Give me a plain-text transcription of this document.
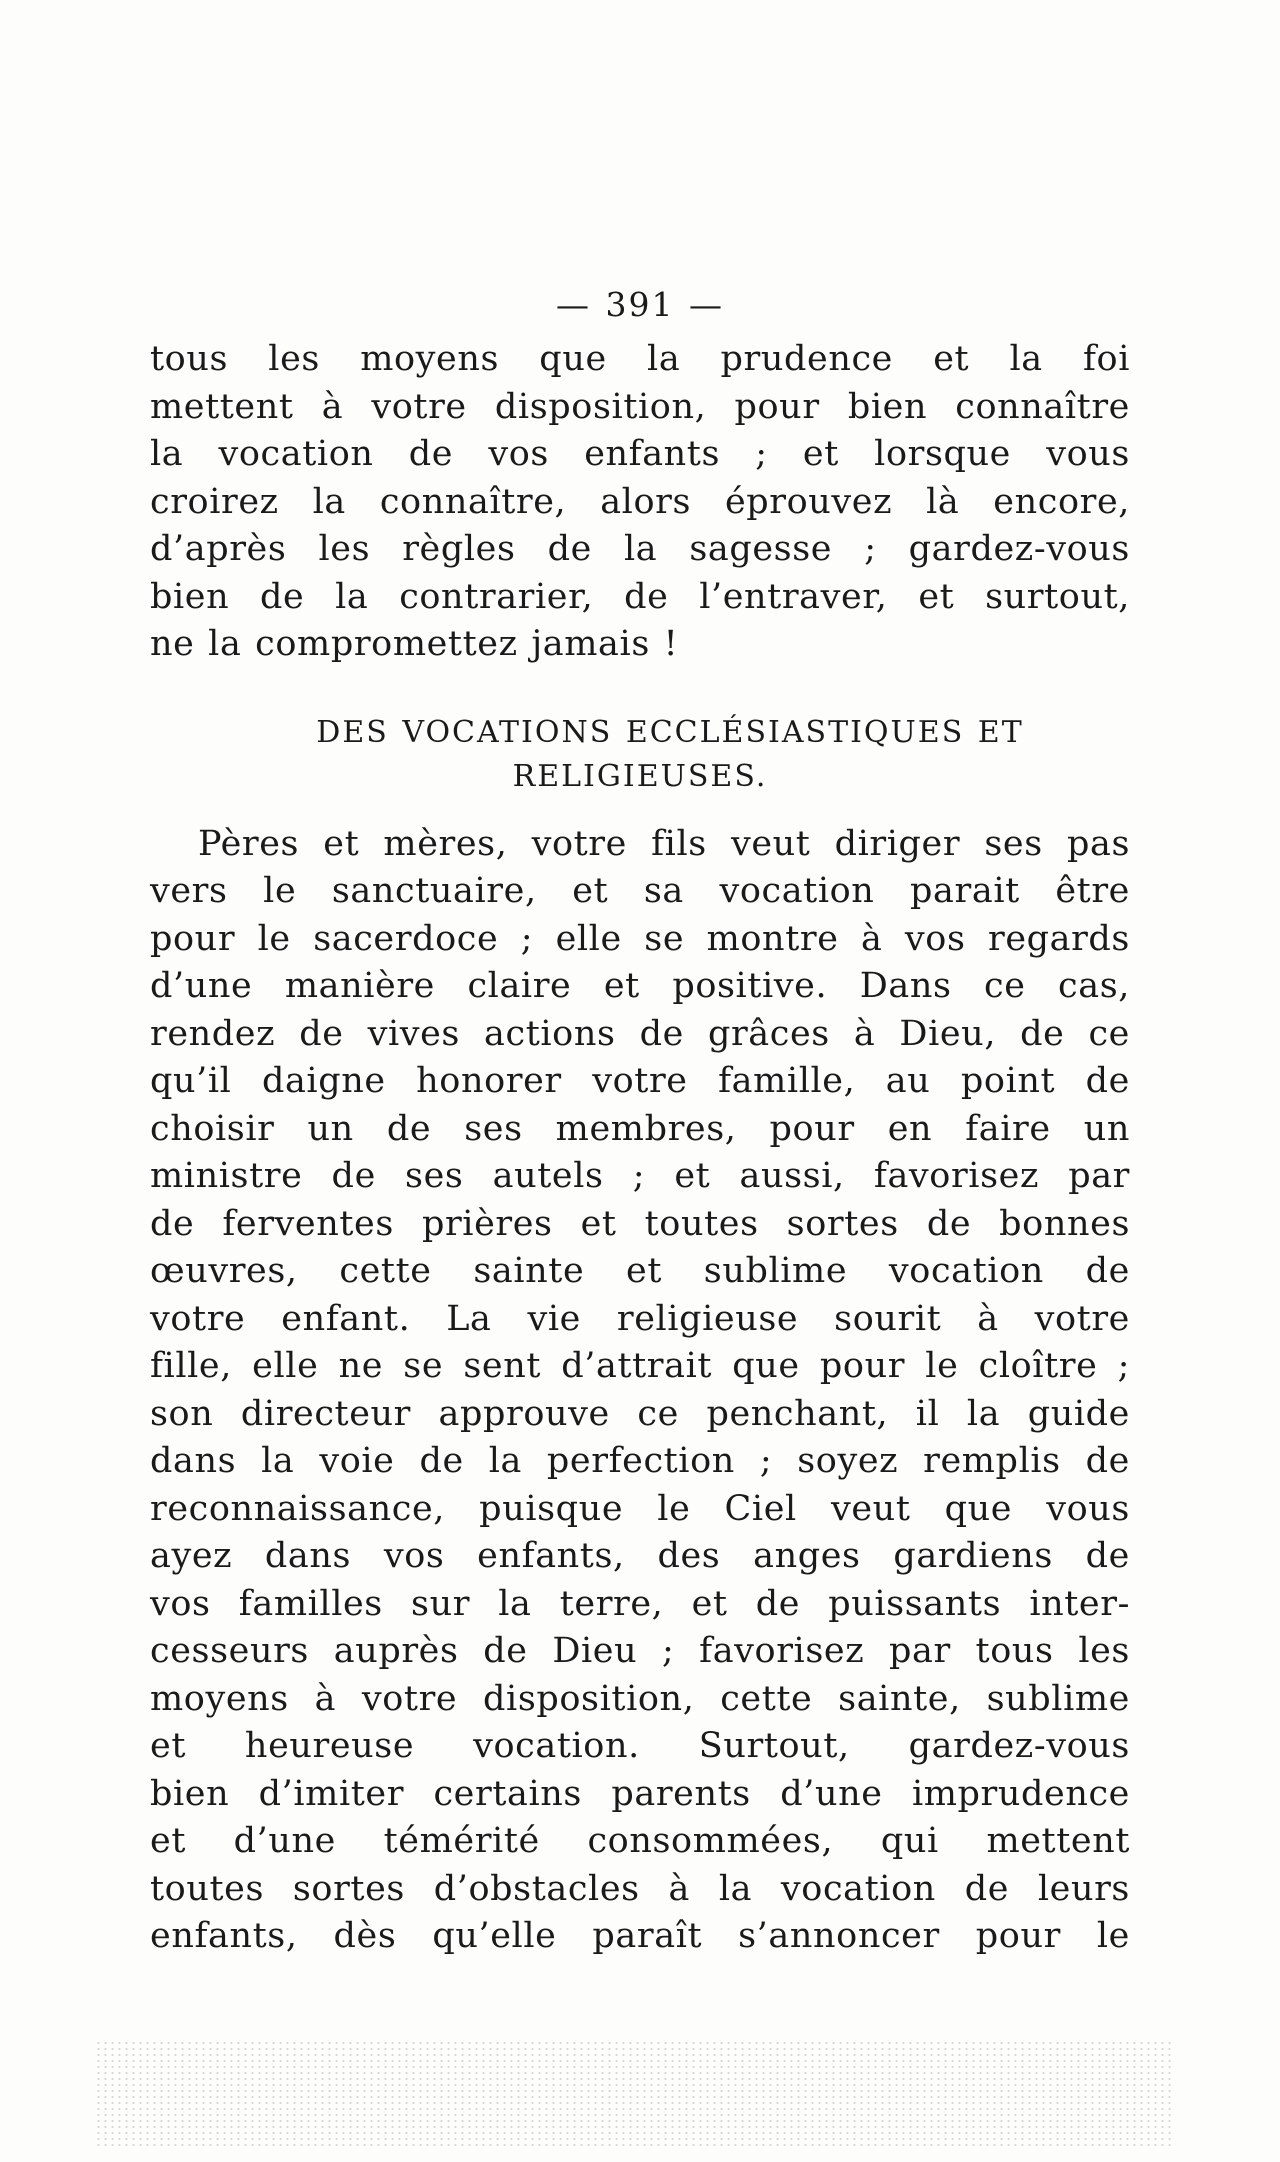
— 391 —
tous les moyens que la prudence et la foi
mettent à votre disposition, pour bien connaître
la vocation de vos enfants ; et lorsque vous
croirez la connaître, alors éprouvez là encore,
d’après les règles de la sagesse ; gardez-vous
bien de la contrarier, de l’entraver, et surtout,
ne la compromettez jamais !
DES VOCATIONS ECCLÉSIASTIQUES ET
RELIGIEUSES.
Pères et mères, votre fils veut diriger ses pas
vers le sanctuaire, et sa vocation parait être
pour le sacerdoce ; elle se montre à vos regards
d’une manière claire et positive. Dans ce cas,
rendez de vives actions de grâces à Dieu, de ce
qu’il daigne honorer votre famille, au point de
choisir un de ses membres, pour en faire un
ministre de ses autels ; et aussi, favorisez par
de ferventes prières et toutes sortes de bonnes
œuvres, cette sainte et sublime vocation de
votre enfant. La vie religieuse sourit à votre
fille, elle ne se sent d’attrait que pour le cloître ;
son directeur approuve ce penchant, il la guide
dans la voie de la perfection ; soyez remplis de
reconnaissance, puisque le Ciel veut que vous
ayez dans vos enfants, des anges gardiens de
vos familles sur la terre, et de puissants inter-
cesseurs auprès de Dieu ; favorisez par tous les
moyens à votre disposition, cette sainte, sublime
et heureuse vocation. Surtout, gardez-vous
bien d’imiter certains parents d’une imprudence
et d’une témérité consommées, qui mettent
toutes sortes d’obstacles à la vocation de leurs
enfants, dès qu’elle paraît s’annoncer pour le
